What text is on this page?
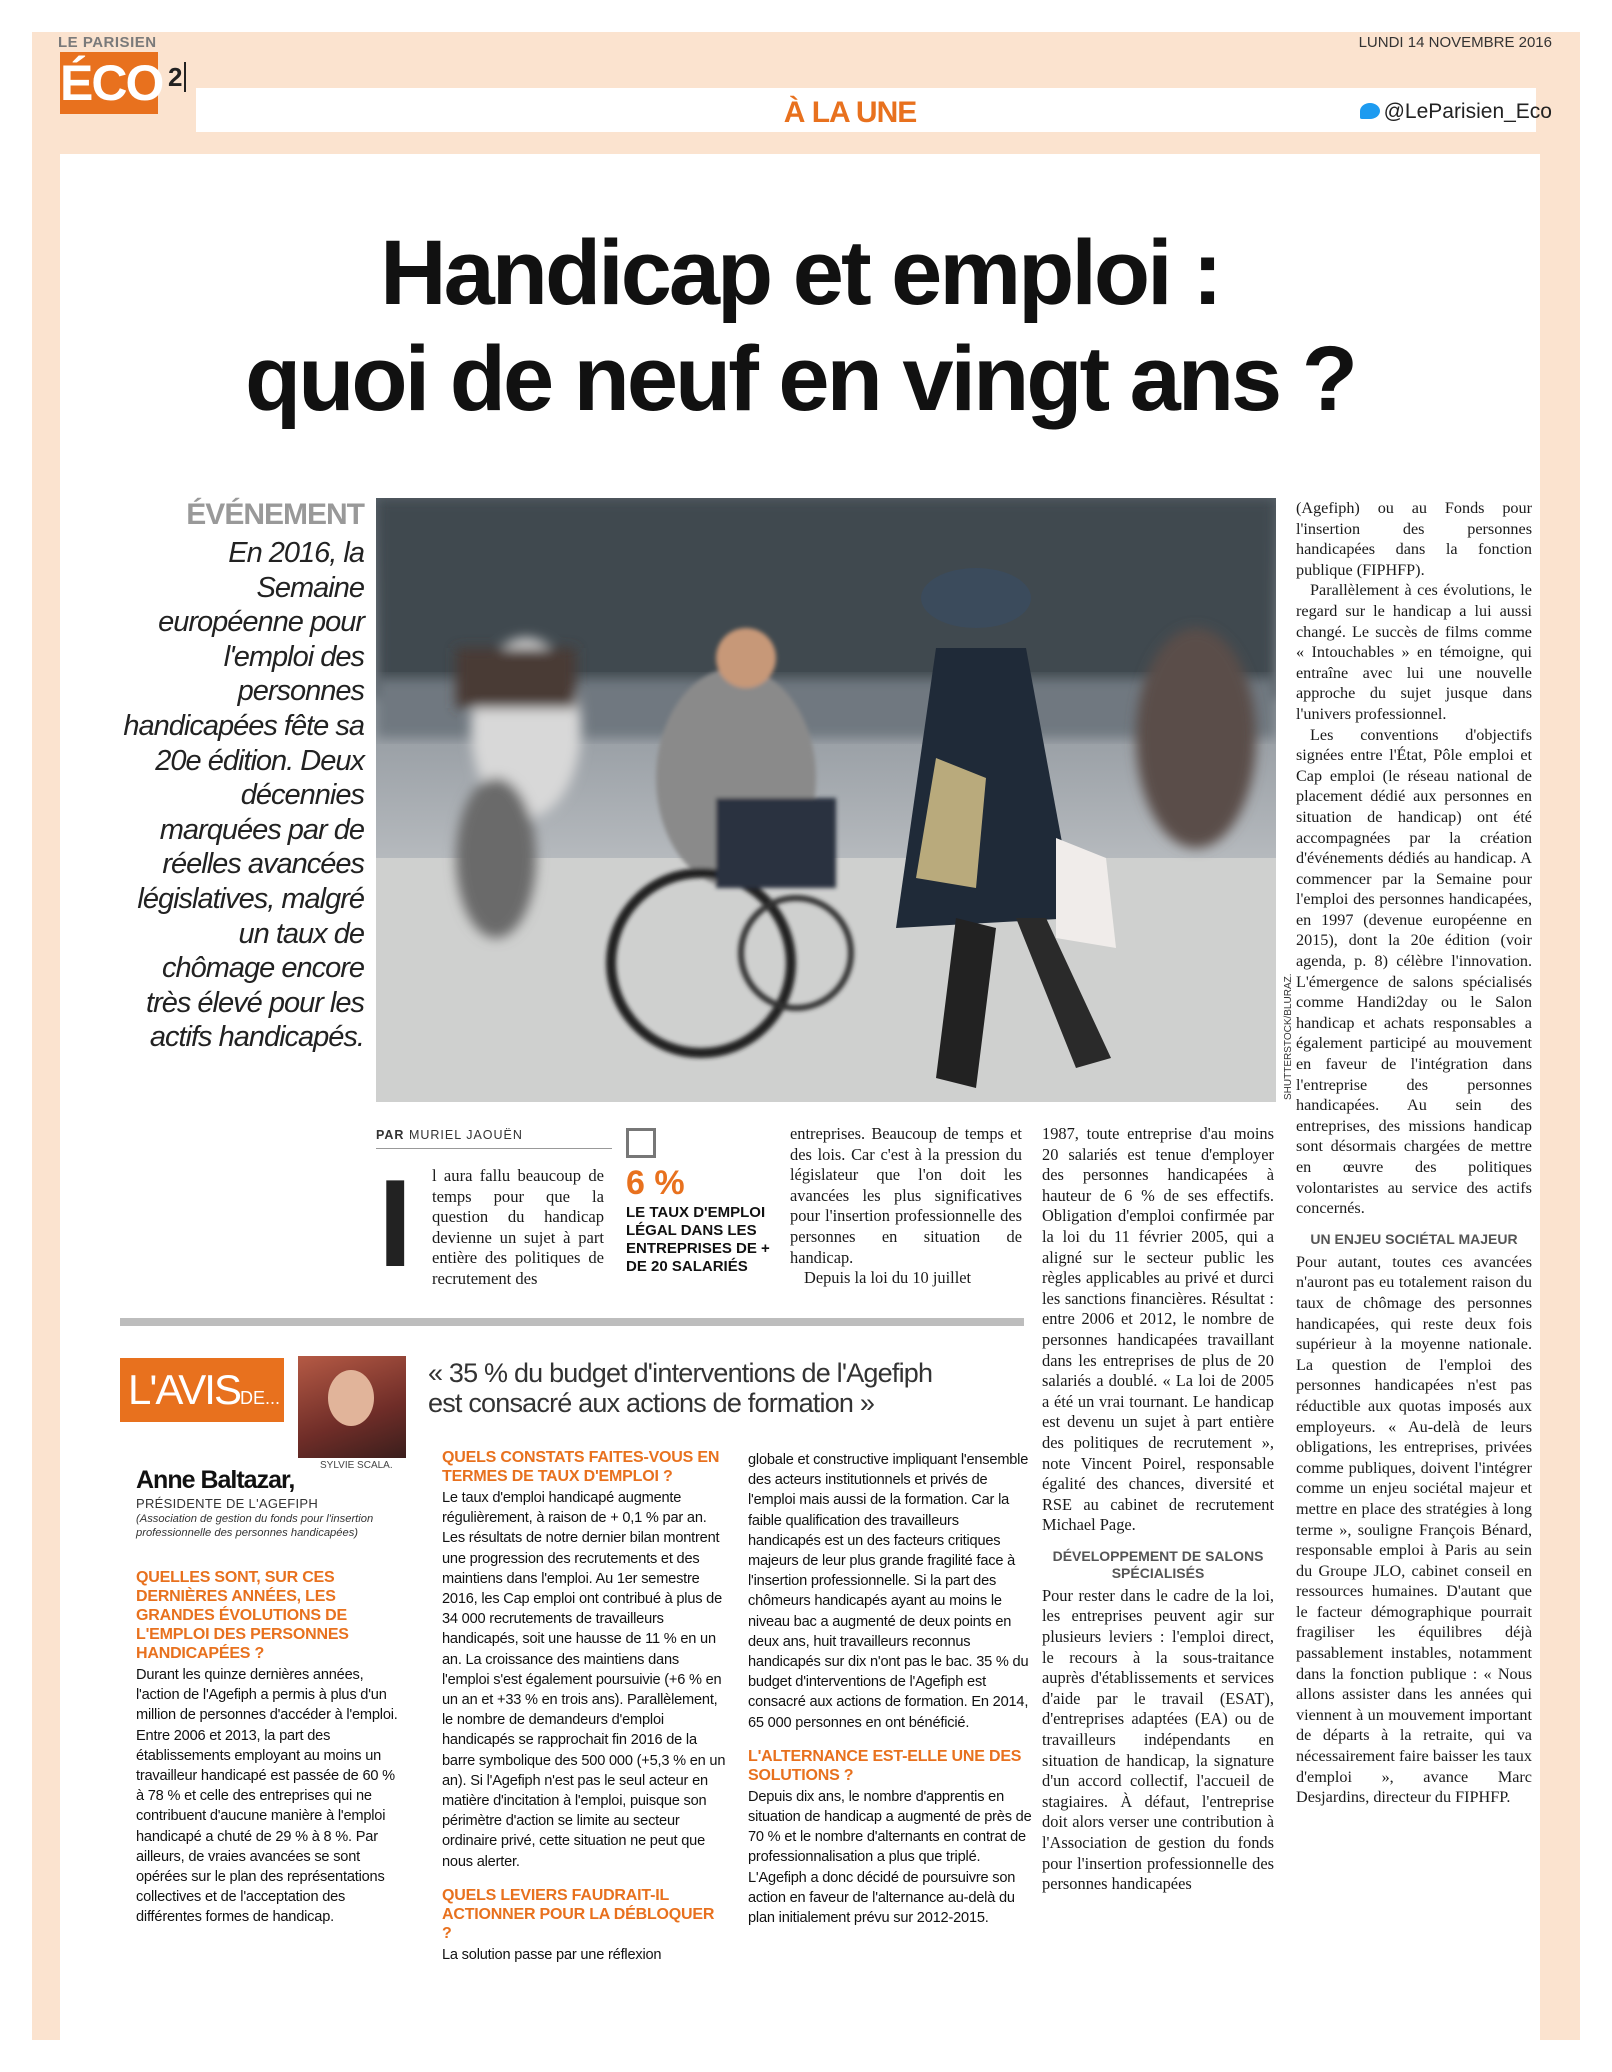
LE PARISIEN	LUNDI 14 NOVEMBRE 2016
ÉCO 2
À LA UNE	@LeParisien_Eco
Handicap et emploi :
quoi de neuf en vingt ans ?
ÉVÉNEMENT
En 2016, la Semaine européenne pour l'emploi des personnes handicapées fête sa 20e édition. Deux décennies marquées par de réelles avancées législatives, malgré un taux de chômage encore très élevé pour les actifs handicapés.	SHUTTERSTOCK/BLURAZ.

(Agefiph) ou au Fonds pour l'insertion des personnes handicapées dans la fonction publique (FIPHFP).

Parallèlement à ces évolutions, le regard sur le handicap a lui aussi changé. Le succès de films comme « Intouchables » en témoigne, qui entraîne avec lui une nouvelle approche du sujet jusque dans l'univers professionnel.

Les conventions d'objectifs signées entre l'État, Pôle emploi et Cap emploi (le réseau national de placement dédié aux personnes en situation de handicap) ont été accompagnées par la création d'événements dédiés au handicap. A commencer par la Semaine pour l'emploi des personnes handicapées, en 1997 (devenue européenne en 2015), dont la 20e édition (voir agenda, p. 8) célèbre l'innovation. L'émergence de salons spécialisés comme Handi2day ou le Salon handicap et achats responsables a également participé au mouvement en faveur de l'intégration dans l'entreprise des personnes handicapées. Au sein des entreprises, des missions handicap sont désormais chargées de mettre en œuvre des politiques volontaristes au service des actifs concernés.

UN ENJEU SOCIÉTAL MAJEUR

Pour autant, toutes ces avancées n'auront pas eu totalement raison du taux de chômage des personnes handicapées, qui reste deux fois supérieur à la moyenne nationale. La question de l'emploi des personnes handicapées n'est pas réductible aux quotas imposés aux employeurs. « Au-delà de leurs obligations, les entreprises, privées comme publiques, doivent l'intégrer comme un enjeu sociétal majeur et mettre en place des stratégies à long terme », souligne François Bénard, responsable emploi à Paris au sein du Groupe JLO, cabinet conseil en ressources humaines. D'autant que le facteur démographique pourrait fragiliser les équilibres déjà passablement instables, notamment dans la fonction publique : « Nous allons assister dans les années qui viennent à un mouvement important de départs à la retraite, qui va nécessairement faire baisser les taux d'emploi », avance Marc Desjardins, directeur du FIPHFP.

PAR MURIEL JAOUËN
I	l aura fallu beaucoup de temps pour que la question du handicap devienne un sujet à part entière des politiques de recrutement des
6 %
LE TAUX D'EMPLOI LÉGAL DANS LES ENTREPRISES DE + DE 20 SALARIÉS

entreprises. Beaucoup de temps et des lois. Car c'est à la pression du législateur que l'on doit les avancées les plus significatives pour l'insertion professionnelle des personnes en situation de handicap.

Depuis la loi du 10 juillet

1987, toute entreprise d'au moins 20 salariés est tenue d'employer des personnes handicapées à hauteur de 6 % de ses effectifs. Obligation d'emploi confirmée par la loi du 11 février 2005, qui a aligné sur le secteur public les règles applicables au privé et durci les sanctions financières. Résultat : entre 2006 et 2012, le nombre de personnes handicapées travaillant dans les entreprises de plus de 20 salariés a doublé. « La loi de 2005 a été un vrai tournant. Le handicap est devenu un sujet à part entière des politiques de recrutement », note Vincent Poirel, responsable égalité des chances, diversité et RSE au cabinet de recrutement Michael Page.

DÉVELOPPEMENT DE SALONS SPÉCIALISÉS

Pour rester dans le cadre de la loi, les entreprises peuvent agir sur plusieurs leviers : l'emploi direct, le recours à la sous-traitance auprès d'établissements et services d'aide par le travail (ESAT), d'entreprises adaptées (EA) ou de travailleurs indépendants en situation de handicap, la signature d'un accord collectif, l'accueil de stagiaires. À défaut, l'entreprise doit alors verser une contribution à l'Association de gestion du fonds pour l'insertion professionnelle des personnes handicapées

L'AVISDE...
SYLVIE SCALA.
Anne Baltazar,
PRÉSIDENTE DE L'AGEFIPH
(Association de gestion du fonds pour l'insertion professionnelle des personnes handicapées)
« 35 % du budget d'interventions de l'Agefiph est consacré aux actions de formation »
QUELLES SONT, SUR CES DERNIÈRES ANNÉES, LES GRANDES ÉVOLUTIONS DE L'EMPLOI DES PERSONNES HANDICAPÉES ?
Durant les quinze dernières années, l'action de l'Agefiph a permis à plus d'un million de personnes d'accéder à l'emploi. Entre 2006 et 2013, la part des établissements employant au moins un travailleur handicapé est passée de 60 % à 78 % et celle des entreprises qui ne contribuent d'aucune manière à l'emploi handicapé a chuté de 29 % à 8 %. Par ailleurs, de vraies avancées se sont opérées sur le plan des représentations collectives et de l'acceptation des différentes formes de handicap.
QUELS CONSTATS FAITES-VOUS EN TERMES DE TAUX D'EMPLOI ?
Le taux d'emploi handicapé augmente régulièrement, à raison de + 0,1 % par an. Les résultats de notre dernier bilan montrent une progression des recrutements et des maintiens dans l'emploi. Au 1er semestre 2016, les Cap emploi ont contribué à plus de 34 000 recrutements de travailleurs handicapés, soit une hausse de 11 % en un an. La croissance des maintiens dans l'emploi s'est également poursuivie (+6 % en un an et +33 % en trois ans). Parallèlement, le nombre de demandeurs d'emploi handicapés se rapprochait fin 2016 de la barre symbolique des 500 000 (+5,3 % en un an). Si l'Agefiph n'est pas le seul acteur en matière d'incitation à l'emploi, puisque son périmètre d'action se limite au secteur ordinaire privé, cette situation ne peut que nous alerter.
QUELS LEVIERS FAUDRAIT-IL ACTIONNER POUR LA DÉBLOQUER ?
La solution passe par une réflexion
globale et constructive impliquant l'ensemble des acteurs institutionnels et privés de l'emploi mais aussi de la formation. Car la faible qualification des travailleurs handicapés est un des facteurs critiques majeurs de leur plus grande fragilité face à l'insertion professionnelle. Si la part des chômeurs handicapés ayant au moins le niveau bac a augmenté de deux points en deux ans, huit travailleurs reconnus handicapés sur dix n'ont pas le bac. 35 % du budget d'interventions de l'Agefiph est consacré aux actions de formation. En 2014, 65 000 personnes en ont bénéficié.
L'ALTERNANCE EST-ELLE UNE DES SOLUTIONS ?
Depuis dix ans, le nombre d'apprentis en situation de handicap a augmenté de près de 70 % et le nombre d'alternants en contrat de professionnalisation a plus que triplé. L'Agefiph a donc décidé de poursuivre son action en faveur de l'alternance au-delà du plan initialement prévu sur 2012-2015.
